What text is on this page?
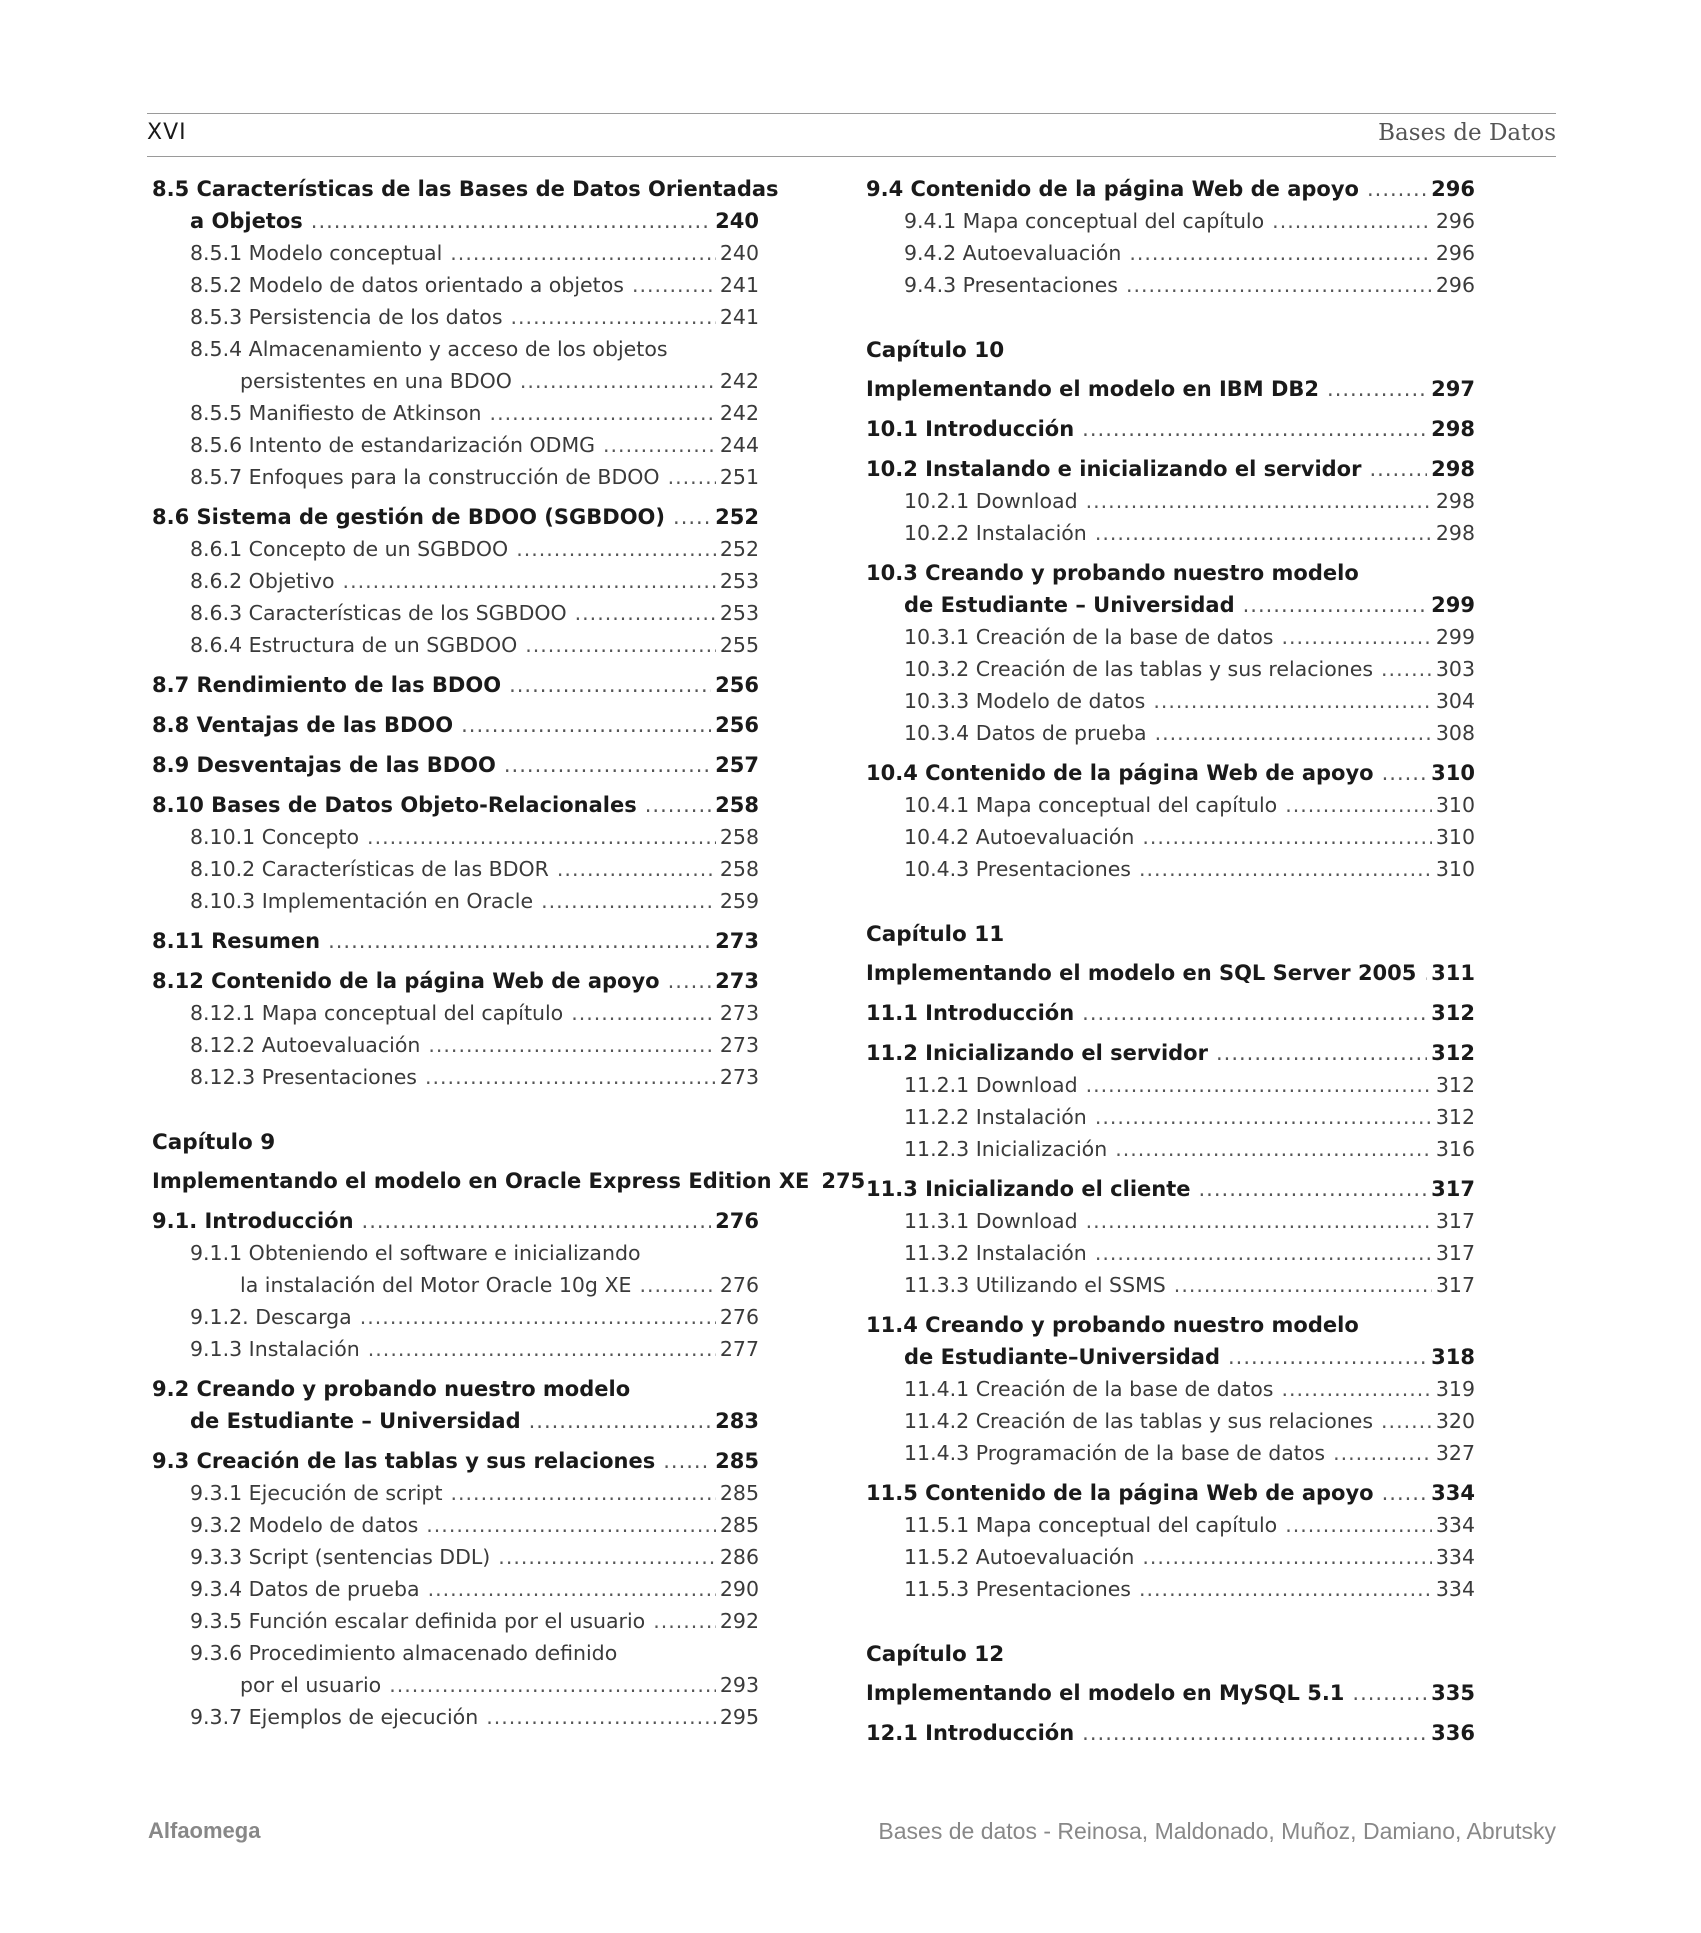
XVI	Bases de Datos
8.5 Características de las Bases de Datos Orientadas
a Objetos .....	240
8.5.1 Modelo conceptual .....	240
8.5.2 Modelo de datos orientado a objetos .....	241
8.5.3 Persistencia de los datos .....	241
8.5.4 Almacenamiento y acceso de los objetos
persistentes en una BDOO .....	242
8.5.5 Manifiesto de Atkinson .....	242
8.5.6 Intento de estandarización ODMG .....	244
8.5.7 Enfoques para la construcción de BDOO .....	251
8.6 Sistema de gestión de BDOO (SGBDOO) ..... 252
8.6.1 Concepto de un SGBDOO .....	252
8.6.2 Objetivo .....	253
8.6.3 Características de los SGBDOO .....	253
8.6.4 Estructura de un SGBDOO .....	255
8.7 Rendimiento de las BDOO .....	256
8.8 Ventajas de las BDOO .....	256
8.9 Desventajas de las BDOO .....	257
8.10 Bases de Datos Objeto-Relacionales .....	258
8.10.1 Concepto .....	258
8.10.2 Características de las BDOR .....	258
8.10.3 Implementación en Oracle .....	259
8.11 Resumen .....	273
8.12 Contenido de la página Web de apoyo .....	273
8.12.1 Mapa conceptual del capítulo .....	273
8.12.2 Autoevaluación .....	273
8.12.3 Presentaciones .....	273
Capítulo 9
Implementando el modelo en Oracle Express Edition XE 275
9.1. Introducción .....	276
9.1.1 Obteniendo el software e inicializando
la instalación del Motor Oracle 10g XE .....	276
9.1.2. Descarga .....	276
9.1.3 Instalación .....	277
9.2 Creando y probando nuestro modelo
de Estudiante – Universidad .....	283
9.3 Creación de las tablas y sus relaciones .....	285
9.3.1 Ejecución de script .....	285
9.3.2 Modelo de datos .....	285
9.3.3 Script (sentencias DDL) .....	286
9.3.4 Datos de prueba .....	290
9.3.5 Función escalar definida por el usuario .....	292
9.3.6 Procedimiento almacenado definido
por el usuario .....	293
9.3.7 Ejemplos de ejecución .....	295
9.4 Contenido de la página Web de apoyo .....	296
9.4.1 Mapa conceptual del capítulo .....	296
9.4.2 Autoevaluación .....	296
9.4.3 Presentaciones .....	296
Capítulo 10
Implementando el modelo en IBM DB2 .....	297
10.1 Introducción .....	298
10.2 Instalando e inicializando el servidor .....	298
10.2.1 Download .....	298
10.2.2 Instalación .....	298
10.3 Creando y probando nuestro modelo
de Estudiante – Universidad .....	299
10.3.1 Creación de la base de datos .....	299
10.3.2 Creación de las tablas y sus relaciones .....	303
10.3.3 Modelo de datos .....	304
10.3.4 Datos de prueba .....	308
10.4 Contenido de la página Web de apoyo .....	310
10.4.1 Mapa conceptual del capítulo .....	310
10.4.2 Autoevaluación .....	310
10.4.3 Presentaciones .....	310
Capítulo 11
Implementando el modelo en SQL Server 2005 ..... 311
11.1 Introducción .....	312
11.2 Inicializando el servidor .....	312
11.2.1 Download .....	312
11.2.2 Instalación .....	312
11.2.3 Inicialización .....	316
11.3 Inicializando el cliente .....	317
11.3.1 Download .....	317
11.3.2 Instalación .....	317
11.3.3 Utilizando el SSMS .....	317
11.4 Creando y probando nuestro modelo
de Estudiante–Universidad .....	318
11.4.1 Creación de la base de datos .....	319
11.4.2 Creación de las tablas y sus relaciones .....	320
11.4.3 Programación de la base de datos .....	327
11.5 Contenido de la página Web de apoyo .....	334
11.5.1 Mapa conceptual del capítulo .....	334
11.5.2 Autoevaluación .....	334
11.5.3 Presentaciones .....	334
Capítulo 12
Implementando el modelo en MySQL 5.1 .....	335
12.1 Introducción .....	336
Alfaomega	Bases de datos - Reinosa, Maldonado, Muñoz, Damiano, Abrutsky
